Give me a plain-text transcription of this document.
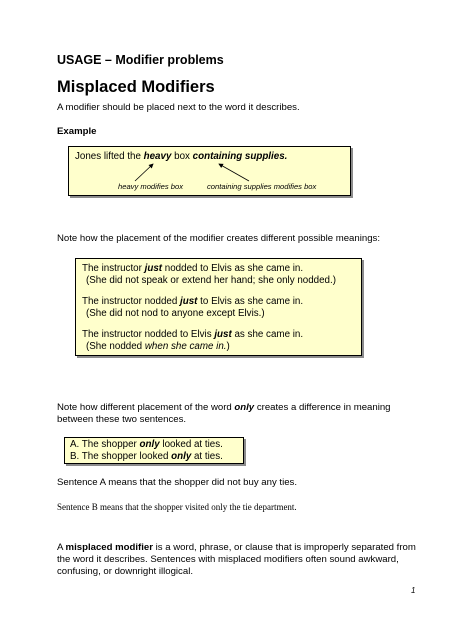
USAGE – Modifier problems
Misplaced Modifiers
A modifier should be placed next to the word it describes.
Example
Jones lifted the heavy box containing supplies.
heavy modifies box	containing supplies modifies box
Note how the placement of the modifier creates different possible meanings:
The instructor just nodded to Elvis as she came in.
(She did not speak or extend her hand; she only nodded.)
The instructor nodded just to Elvis as she came in.
(She did not nod to anyone except Elvis.)
The instructor nodded to Elvis just as she came in.
(She nodded when she came in.)
Note how different placement of the word only creates a difference in meaning between these two sentences.
A. The shopper only looked at ties.
B. The shopper looked only at ties.
Sentence A means that the shopper did not buy any ties.
Sentence B means that the shopper visited only the tie department.
A misplaced modifier is a word, phrase, or clause that is improperly separated from the word it describes. Sentences with misplaced modifiers often sound awkward, confusing, or downright illogical.
1
